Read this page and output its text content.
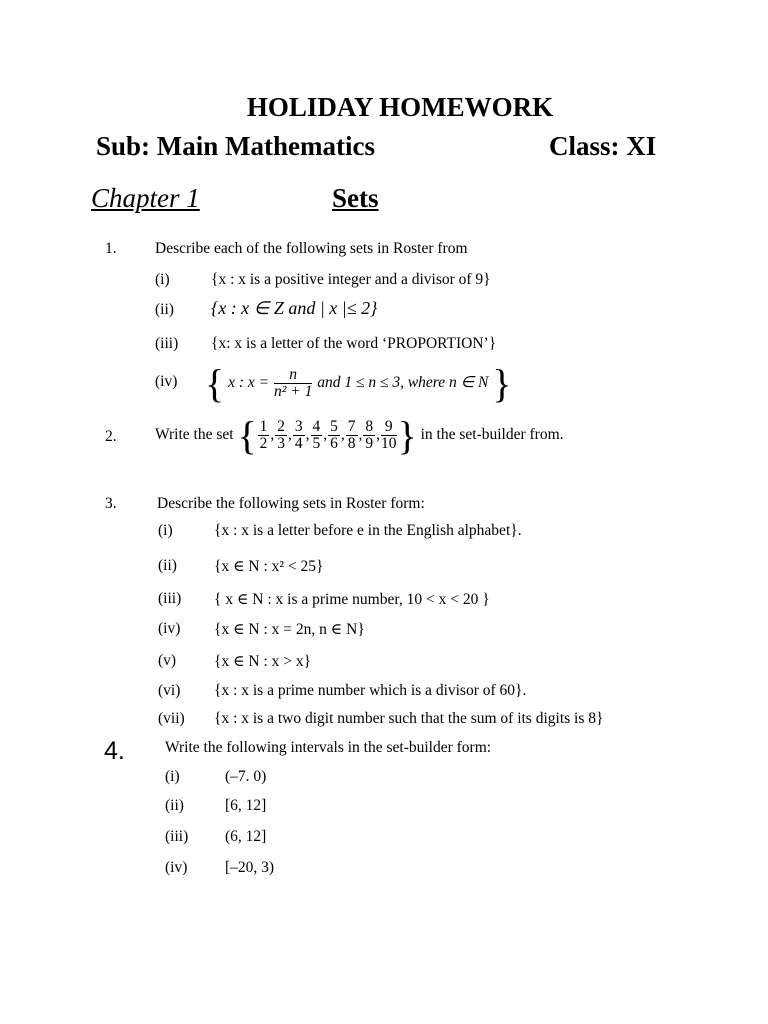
HOLIDAY HOMEWORK
Sub: Main Mathematics	Class: XI
Chapter 1	Sets
1. Describe each of the following sets in Roster from
(i)	{x : x is a positive integer and a divisor of 9}
(ii) {x : x ∈ Z and | x |≤ 2}
(iii) {x: x is a letter of the word ‘PROPORTION’}
(iv) { x : $x = \frac{n}{\text{n² + 1}}$ and 1 ≤ n ≤ 3, where n ∈ N }
2. Write the set { $\frac{1}{2}$ , $\frac{2}{3}$ , $\frac{3}{4}$ , $\frac{4}{5}$ , $\frac{5}{6}$ , $\frac{7}{8}$ , $\frac{8}{9}$ , $\frac{9}{10}$ } in the set-builder from.
3.	Describe the following sets in Roster form:
(i)	{x : x is a letter before e in the English alphabet}.
(ii) {x ∈ N : x² < 25}
(iii) { x ∈ N : x is a prime number, 10 < x < 20 }
(iv) {x ∈ N : x = 2n, n ∈ N}
(v) {x ∈ N : x > x}
(vi) {x : x is a prime number which is a divisor of 60}.
(vii) {x : x is a two digit number such that the sum of its digits is 8}
4.	Write the following intervals in the set-builder form:
(i)	(–7. 0)
(ii)	[6, 12]
(iii) (6, 12]
(iv) [–20, 3)
